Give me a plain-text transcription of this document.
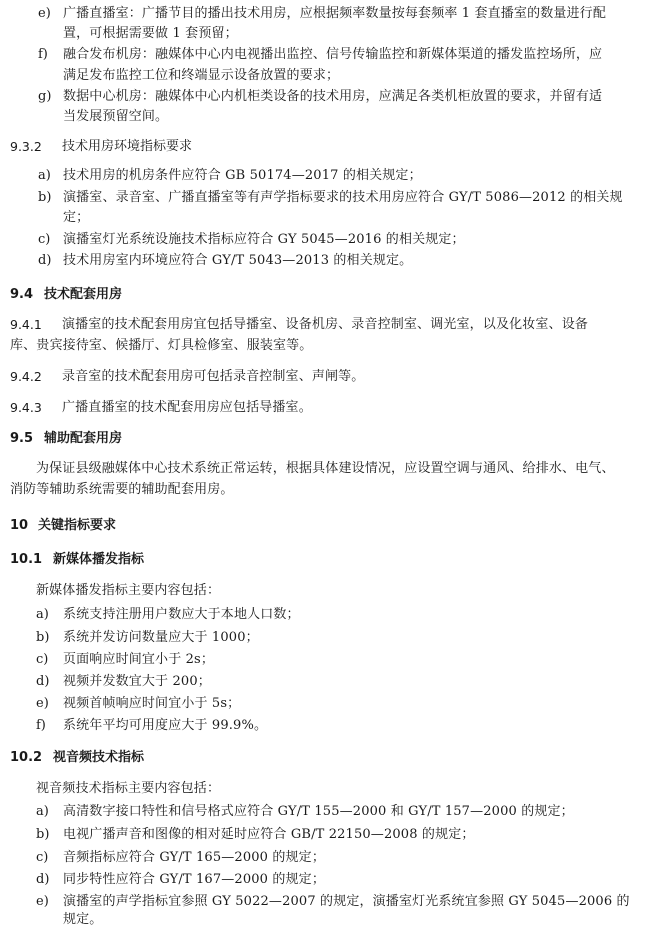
e) 广播直播室：广播节目的播出技术用房，应根据频率数量按每套频率 1 套直播室的数量进行配
置，可根据需要做 1 套预留；
f) 融合发布机房：融媒体中心内电视播出监控、信号传输监控和新媒体渠道的播发监控场所，应
满足发布监控工位和终端显示设备放置的要求；
g) 数据中心机房：融媒体中心内机柜类设备的技术用房，应满足各类机柜放置的要求，并留有适
当发展预留空间。
9.3.2 技术用房环境指标要求
a) 技术用房的机房条件应符合 GB 50174—2017 的相关规定；
b) 演播室、录音室、广播直播室等有声学指标要求的技术用房应符合 GY/T 5086—2012 的相关规
定；
c) 演播室灯光系统设施技术指标应符合 GY 5045—2016 的相关规定；
d) 技术用房室内环境应符合 GY/T 5043—2013 的相关规定。
9.4 技术配套用房
9.4.1 演播室的技术配套用房宜包括导播室、设备机房、录音控制室、调光室，以及化妆室、设备
库、贵宾接待室、候播厅、灯具检修室、服装室等。
9.4.2 录音室的技术配套用房可包括录音控制室、声闸等。
9.4.3 广播直播室的技术配套用房应包括导播室。
9.5 辅助配套用房
为保证县级融媒体中心技术系统正常运转，根据具体建设情况，应设置空调与通风、给排水、电气、
消防等辅助系统需要的辅助配套用房。
10 关键指标要求
10.1 新媒体播发指标
新媒体播发指标主要内容包括：
a) 系统支持注册用户数应大于本地人口数；
b) 系统并发访问数量应大于 1000；
c) 页面响应时间宜小于 2s；
d) 视频并发数宜大于 200；
e) 视频首帧响应时间宜小于 5s；
f) 系统年平均可用度应大于 99.9%。
10.2 视音频技术指标
视音频技术指标主要内容包括：
a) 高清数字接口特性和信号格式应符合 GY/T 155—2000 和 GY/T 157—2000 的规定；
b) 电视广播声音和图像的相对延时应符合 GB/T 22150—2008 的规定；
c) 音频指标应符合 GY/T 165—2000 的规定；
d) 同步特性应符合 GY/T 167—2000 的规定；
e) 演播室的声学指标宜参照 GY 5022—2007 的规定，演播室灯光系统宜参照 GY 5045—2006 的
规定。
